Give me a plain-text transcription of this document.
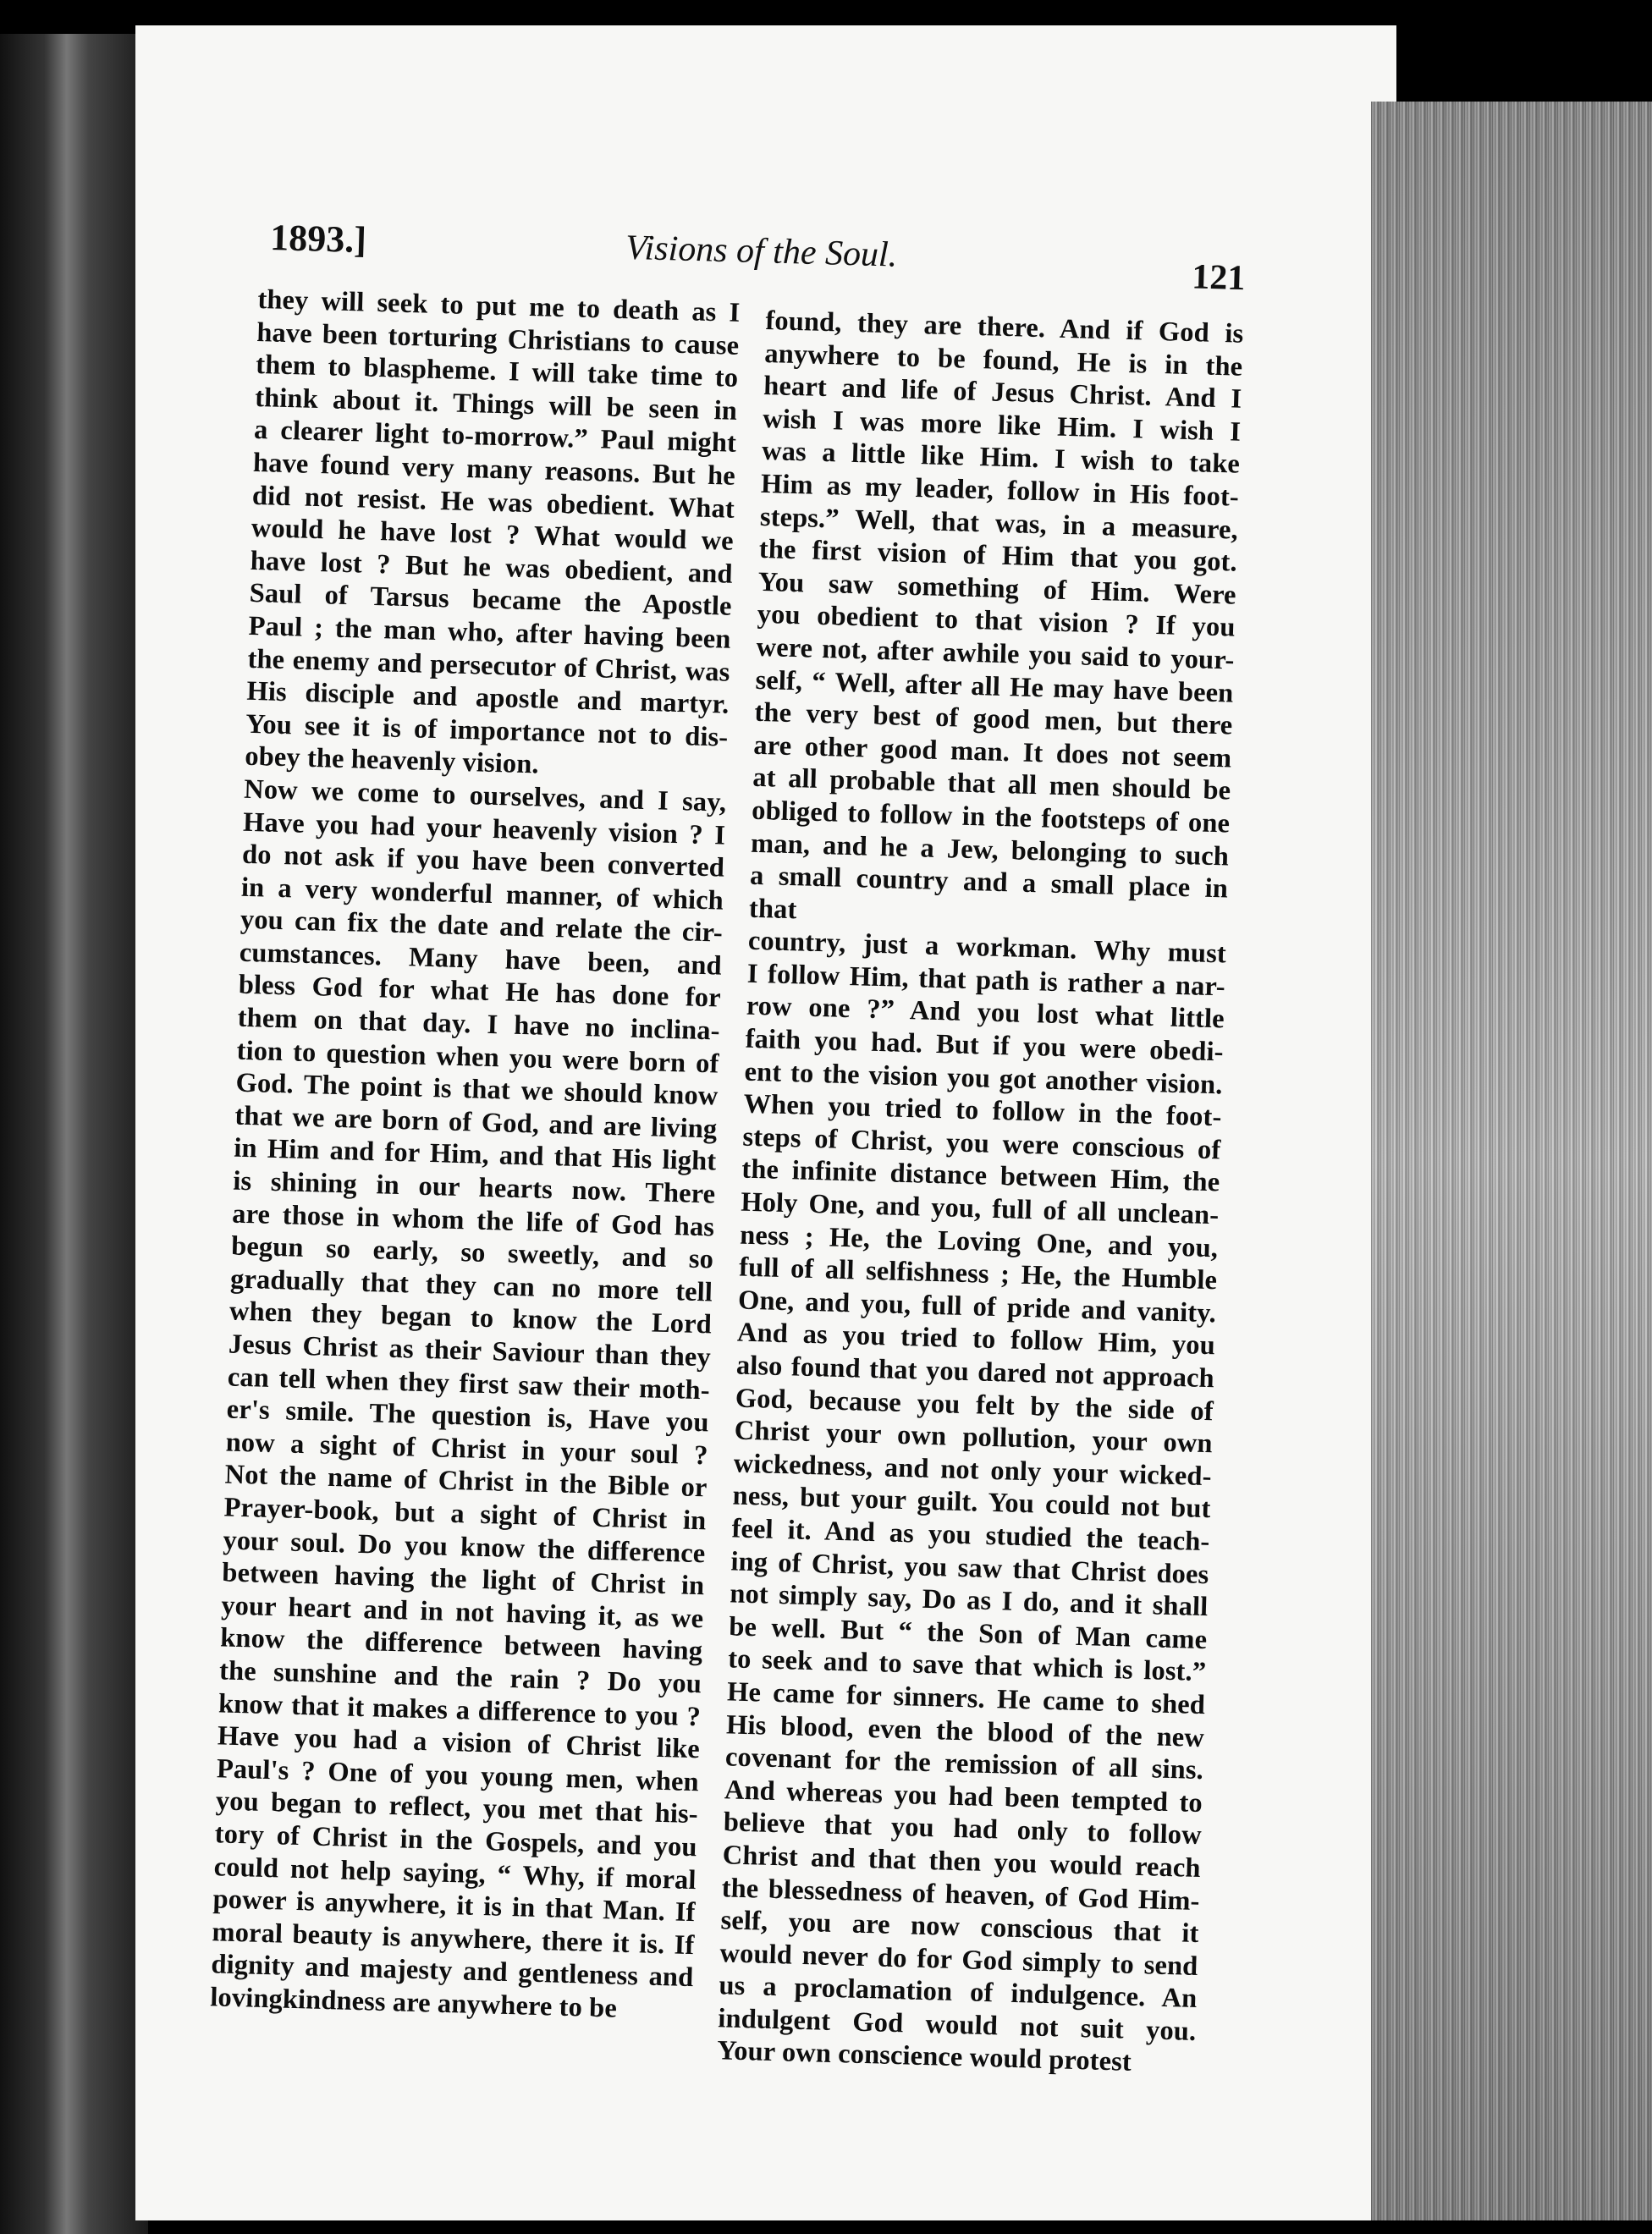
1893.]	Visions of the Soul.
121
they will seek to put me to death as I
have been torturing Christians to cause
them to blaspheme. I will take time to
think about it. Things will be seen in
a clearer light to-morrow.” Paul might
have found very many reasons. But he
did not resist. He was obedient. What
would he have lost ? What would we
have lost ? But he was obedient, and
Saul of Tarsus became the Apostle
Paul ; the man who, after having been
the enemy and persecutor of Christ, was
His disciple and apostle and martyr.
You see it is of importance not to dis-
obey the heavenly vision.
Now we come to ourselves, and I say,
Have you had your heavenly vision ? I
do not ask if you have been converted
in a very wonderful manner, of which
you can fix the date and relate the cir-
cumstances. Many have been, and
bless God for what He has done for
them on that day. I have no inclina-
tion to question when you were born of
God. The point is that we should know
that we are born of God, and are living
in Him and for Him, and that His light
is shining in our hearts now. There
are those in whom the life of God has
begun so early, so sweetly, and so
gradually that they can no more tell
when they began to know the Lord
Jesus Christ as their Saviour than they
can tell when they first saw their moth-
er's smile. The question is, Have you
now a sight of Christ in your soul ?
Not the name of Christ in the Bible or
Prayer-book, but a sight of Christ in
your soul. Do you know the difference
between having the light of Christ in
your heart and in not having it, as we
know the difference between having
the sunshine and the rain ? Do you
know that it makes a difference to you ?
Have you had a vision of Christ like
Paul's ? One of you young men, when
you began to reflect, you met that his-
tory of Christ in the Gospels, and you
could not help saying, “ Why, if moral
power is anywhere, it is in that Man. If
moral beauty is anywhere, there it is. If
dignity and majesty and gentleness and
lovingkindness are anywhere to be
found, they are there. And if God is
anywhere to be found, He is in the
heart and life of Jesus Christ. And I
wish I was more like Him. I wish I
was a little like Him. I wish to take
Him as my leader, follow in His foot-
steps.” Well, that was, in a measure,
the first vision of Him that you got.
You saw something of Him. Were
you obedient to that vision ? If you
were not, after awhile you said to your-
self, “ Well, after all He may have been
the very best of good men, but there
are other good man. It does not seem
at all probable that all men should be
obliged to follow in the footsteps of one
man, and he a Jew, belonging to such
a small country and a small place in that
country, just a workman. Why must
I follow Him, that path is rather a nar-
row one ?” And you lost what little
faith you had. But if you were obedi-
ent to the vision you got another vision.
When you tried to follow in the foot-
steps of Christ, you were conscious of
the infinite distance between Him, the
Holy One, and you, full of all unclean-
ness ; He, the Loving One, and you,
full of all selfishness ; He, the Humble
One, and you, full of pride and vanity.
And as you tried to follow Him, you
also found that you dared not approach
God, because you felt by the side of
Christ your own pollution, your own
wickedness, and not only your wicked-
ness, but your guilt. You could not but
feel it. And as you studied the teach-
ing of Christ, you saw that Christ does
not simply say, Do as I do, and it shall
be well. But “ the Son of Man came
to seek and to save that which is lost.”
He came for sinners. He came to shed
His blood, even the blood of the new
covenant for the remission of all sins.
And whereas you had been tempted to
believe that you had only to follow
Christ and that then you would reach
the blessedness of heaven, of God Him-
self, you are now conscious that it
would never do for God simply to send
us a proclamation of indulgence. An
indulgent God would not suit you.
Your own conscience would protest
